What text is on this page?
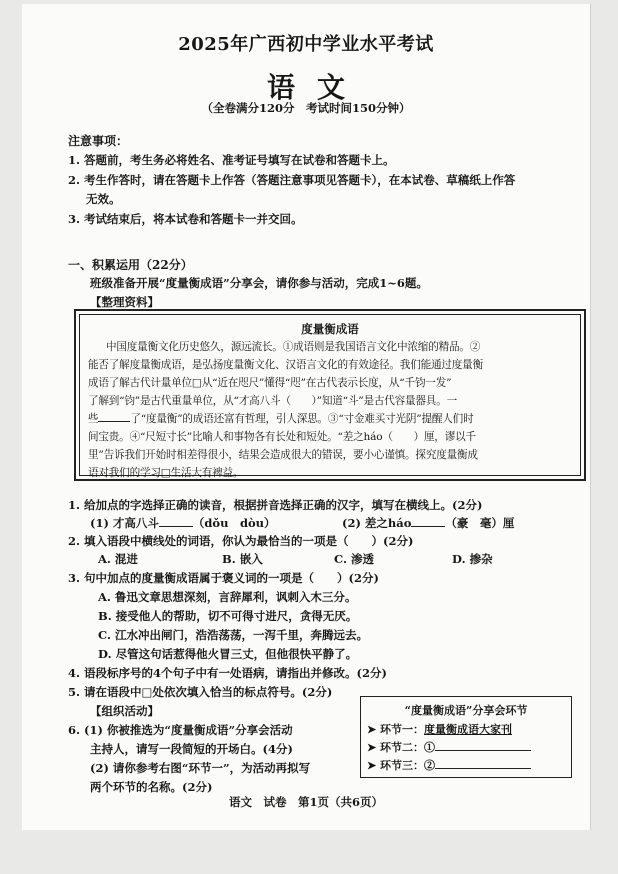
2025年广西初中学业水平考试
语文
（全卷满分120分　考试时间150分钟）
注意事项：
1. 答题前，考生务必将姓名、准考证号填写在试卷和答题卡上。
2. 考生作答时，请在答题卡上作答（答题注意事项见答题卡），在本试卷、草稿纸上作答
无效。
3. 考试结束后，将本试卷和答题卡一并交回。
一、积累运用（22分）
班级准备开展“度量衡成语”分享会，请你参与活动，完成1~6题。
【整理资料】
度量衡成语
中国度量衡文化历史悠久，源远流长。①成语则是我国语言文化中浓缩的精品。②
能否了解度量衡成语，是弘扬度量衡文化、汉语言文化的有效途径。我们能通过度量衡
成语了解古代计量单位□从“近在咫尺”懂得“咫”在古代表示长度，从“千钧一发”
了解到“钧”是古代重量单位，从“才高八斗（　　）”知道“斗”是古代容量器具。一
些	了“度量衡”的成语还富有哲理，引人深思。③“寸金难买寸光阴”提醒人们时
间宝贵。④“尺短寸长”比喻人和事物各有长处和短处。“差之háo（　　）厘，谬以千
里”告诉我们开始时相差得很小，结果会造成很大的错误，要小心谨慎。探究度量衡成
语对我们的学习□生活大有裨益。
1. 给加点的字选择正确的读音，根据拼音选择正确的汉字，填写在横线上。(2分)
(1) 才高八斗	（dǒu　dòu）	(2) 差之háo	（豪　毫）厘
2. 填入语段中横线处的词语，你认为最恰当的一项是（　　）(2分)
A. 混进	B. 嵌入	C. 渗透	D. 掺杂
3. 句中加点的度量衡成语属于褒义词的一项是（　　）(2分)
A. 鲁迅文章思想深刻，言辞犀利，讽刺入木三分。
B. 接受他人的帮助，切不可得寸进尺，贪得无厌。
C. 江水冲出闸门，浩浩荡荡，一泻千里，奔腾远去。
D. 尽管这句话惹得他火冒三丈，但他很快平静了。
4. 语段标序号的4个句子中有一处语病，请指出并修改。(2分)
5. 请在语段中□处依次填入恰当的标点符号。(2分)
【组织活动】
6. (1) 你被推选为“度量衡成语”分享会活动
主持人，请写一段简短的开场白。(4分)
(2) 请你参考右图“环节一”，为活动再拟写
两个环节的名称。(2分)
“度量衡成语”分享会环节
➤ 环节一：度量衡成语大家刊
➤ 环节二：①
➤ 环节三：②
语文　试卷　第1页（共6页）
